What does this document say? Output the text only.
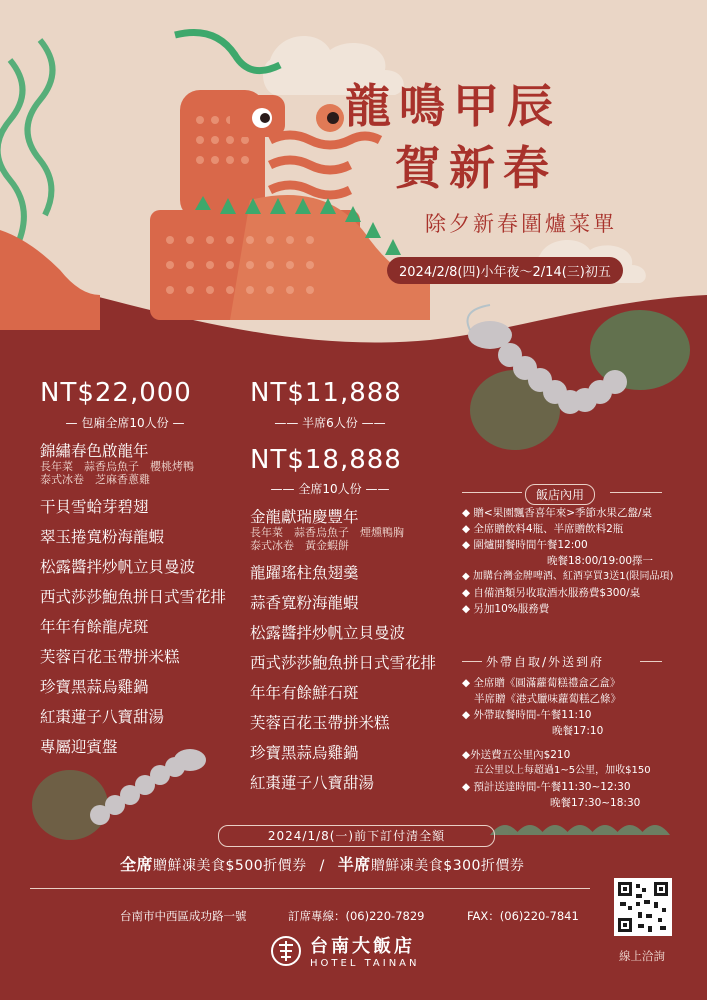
龍鳴甲辰
賀新春
除夕新春圍爐菜單
2024/2/8(四)小年夜～2/14(三)初五
NT$22,000
— 包廂全席10人份 —
錦繡春色啟龍年
長年菜　蒜香烏魚子　櫻桃烤鴨
泰式冰卷　芝麻香蔥雞
干貝雪蛤芽碧翅
翠玉捲寬粉海龍蝦
松露醬拌炒帆立貝曼波
西式莎莎鮑魚拼日式雪花排
年年有餘龍虎斑
芙蓉百花玉帶拼米糕
珍寶黑蒜烏雞鍋
紅棗蓮子八寶甜湯
專屬迎賓盤
NT$11,888
—— 半席6人份 ——
NT$18,888
—— 全席10人份 ——
金龍獻瑞慶豐年
長年菜　蒜香烏魚子　煙燻鴨胸
泰式冰卷　黃金蝦餅
龍躍瑤柱魚翅羹
蒜香寬粉海龍蝦
松露醬拌炒帆立貝曼波
西式莎莎鮑魚拼日式雪花排
年年有餘鮮石斑
芙蓉百花玉帶拼米糕
珍寶黑蒜烏雞鍋
紅棗蓮子八寶甜湯
飯店內用
◆ 贈<果園飄香喜年來>季節水果乙盤/桌
◆ 全席贈飲料4瓶、半席贈飲料2瓶
◆ 圍爐開餐時間午餐12:00
晚餐18:00/19:00擇一
◆ 加購台灣金牌啤酒、紅酒享買3送1(限同品項)
◆ 自備酒類另收取酒水服務費$300/桌
◆ 另加10%服務費
外帶自取/外送到府
◆ 全席贈《圓滿蘿蔔糕禮盒乙盒》
半席贈《港式臘味蘿蔔糕乙條》
◆ 外帶取餐時間-午餐11:10
晚餐17:10
◆外送費五公里內$210
五公里以上每超過1~5公里，加收$150
◆ 預計送達時間-午餐11:30~12:30
晚餐17:30~18:30
2024/1/8(一)前下訂付清全額
全席贈鮮凍美食$500折價券 / 半席贈鮮凍美食$300折價券
台南市中西區成功路一號	訂席專線：(06)220-7829	FAX：(06)220-7841
台南大飯店
HOTEL TAINAN
線上洽詢
